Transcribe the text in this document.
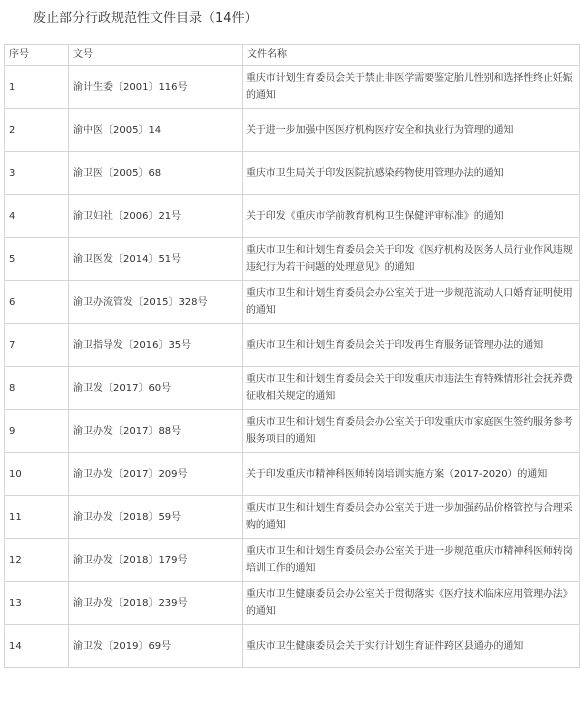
废止部分行政规范性文件目录（14件）
序号	文号	文件名称
1	渝计生委〔2001〕116号	重庆市计划生育委员会关于禁止非医学需要鉴定胎儿性别和选择性终止妊娠的通知
2	渝中医〔2005〕14	关于进一步加强中医医疗机构医疗安全和执业行为管理的通知
3	渝卫医〔2005〕68	重庆市卫生局关于印发医院抗感染药物使用管理办法的通知
4	渝卫妇社〔2006〕21号	关于印发《重庆市学前教育机构卫生保健评审标准》的通知
5	渝卫医发〔2014〕51号	重庆市卫生和计划生育委员会关于印发《医疗机构及医务人员行业作风违规违纪行为若干问题的处理意见》的通知
6	渝卫办流管发〔2015〕328号	重庆市卫生和计划生育委员会办公室关于进一步规范流动人口婚育证明使用的通知
7	渝卫指导发〔2016〕35号	重庆市卫生和计划生育委员会关于印发再生育服务证管理办法的通知
8	渝卫发〔2017〕60号	重庆市卫生和计划生育委员会关于印发重庆市违法生育特殊情形社会抚养费征收相关规定的通知
9	渝卫办发〔2017〕88号	重庆市卫生和计划生育委员会办公室关于印发重庆市家庭医生签约服务参考服务项目的通知
10	渝卫办发〔2017〕209号	关于印发重庆市精神科医师转岗培训实施方案（2017-2020）的通知
11	渝卫办发〔2018〕59号	重庆市卫生和计划生育委员会办公室关于进一步加强药品价格管控与合理采购的通知
12	渝卫办发〔2018〕179号	重庆市卫生和计划生育委员会办公室关于进一步规范重庆市精神科医师转岗培训工作的通知
13	渝卫办发〔2018〕239号	重庆市卫生健康委员会办公室关于贯彻落实《医疗技术临床应用管理办法》的通知
14	渝卫发〔2019〕69号	重庆市卫生健康委员会关于实行计划生育证件跨区县通办的通知
